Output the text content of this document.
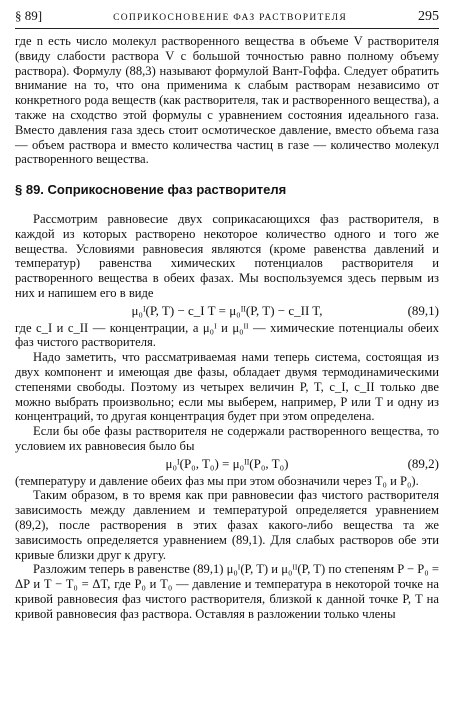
§ 89]	СОПРИКОСНОВЕНИЕ ФАЗ РАСТВОРИТЕЛЯ	295

где n есть число молекул растворенного вещества в объеме V растворителя (ввиду слабости раствора V с большой точностью равно полному объему раствора). Формулу (88,3) называют формулой Вант-Гоффа. Следует обратить внимание на то, что она применима к слабым растворам независимо от конкретного рода веществ (как растворителя, так и растворенного вещества), а также на сходство этой формулы с уравнением состояния идеального газа. Вместо давления газа здесь стоит осмотическое давление, вместо объема газа — объем раствора и вместо количества частиц в газе — количество молекул растворенного вещества.

§ 89. Соприкосновение фаз растворителя

Рассмотрим равновесие двух соприкасающихся фаз растворителя, в каждой из которых растворено некоторое количество одного и того же вещества. Условиями равновесия являются (кроме равенства давлений и температур) равенства химических потенциалов растворителя и растворенного вещества в обеих фазах. Мы воспользуемся здесь первым из них и напишем его в виде

μ₀ᴵ(P, T) − c_I T = μ₀ᴵᴵ(P, T) − c_II T,	(89,1)

где c_I и c_II — концентрации, а μ₀ᴵ и μ₀ᴵᴵ — химические потенциалы обеих фаз чистого растворителя.

Надо заметить, что рассматриваемая нами теперь система, состоящая из двух компонент и имеющая две фазы, обладает двумя термодинамическими степенями свободы. Поэтому из четырех величин P, T, c_I, c_II только две можно выбрать произвольно; если мы выберем, например, P или T и одну из концентраций, то другая концентрация будет при этом определена.

Если бы обе фазы растворителя не содержали растворенного вещества, то условием их равновесия было бы

μ₀ᴵ(P₀, T₀) = μ₀ᴵᴵ(P₀, T₀)	(89,2)

(температуру и давление обеих фаз мы при этом обозначили через T₀ и P₀).

Таким образом, в то время как при равновесии фаз чистого растворителя зависимость между давлением и температурой определяется уравнением (89,2), после растворения в этих фазах какого-либо вещества та же зависимость определяется уравнением (89,1). Для слабых растворов обе эти кривые близки друг к другу.

Разложим теперь в равенстве (89,1) μ₀ᴵ(P, T) и μ₀ᴵᴵ(P, T) по степеням P − P₀ = ΔP и T − T₀ = ΔT, где P₀ и T₀ — давление и температура в некоторой точке на кривой равновесия фаз чистого растворителя, близкой к данной точке P, T на кривой равновесия фаз раствора. Оставляя в разложении только члены
